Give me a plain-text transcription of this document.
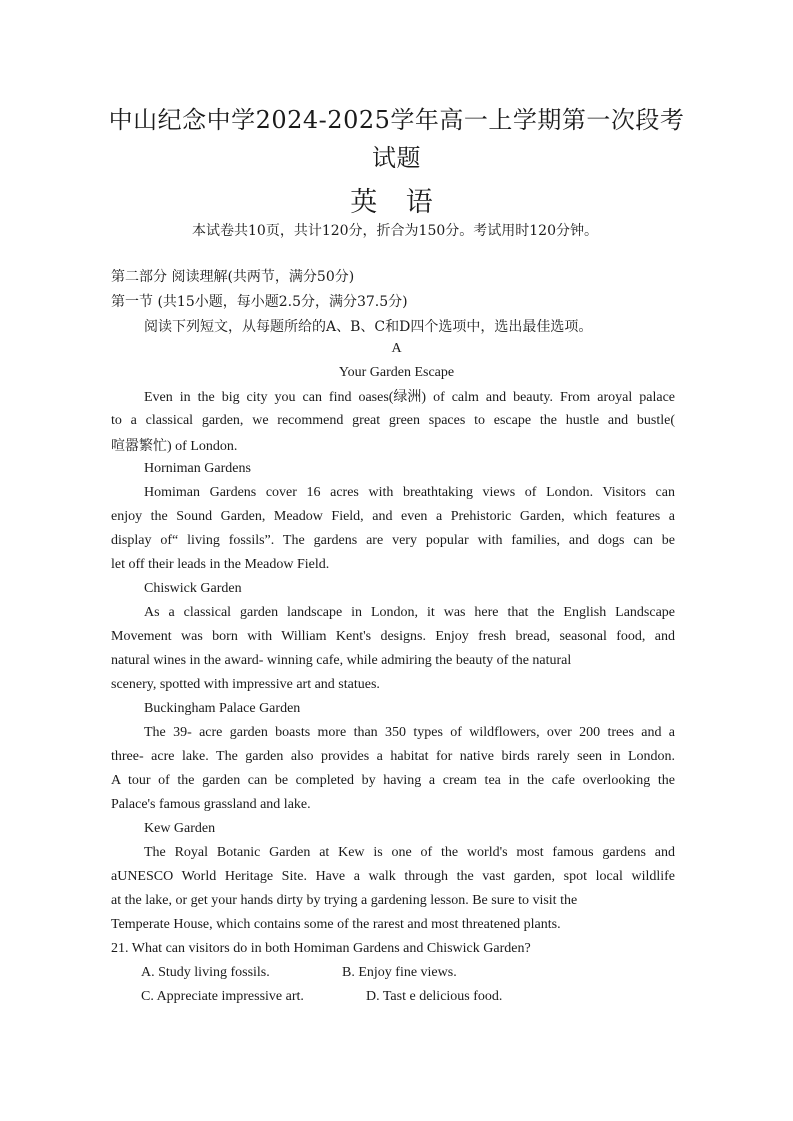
中山纪念中学2024-2025学年高一上学期第一次段考
试题
英 语
本试卷共10页，共计120分，折合为150分。考试用时120分钟。
第二部分 阅读理解(共两节，满分50分)
第一节 (共15小题，每小题2.5分，满分37.5分)
阅读下列短文，从每题所给的A、B、C和D四个选项中，选出最佳选项。
A
Your Garden Escape
Even in the big city you can find oases(绿洲) of calm and beauty. From aroyal palace
to a classical garden, we recommend great green spaces to escape the hustle and bustle(
喧嚣繁忙) of London.
Horniman Gardens
Homiman Gardens cover 16 acres with breathtaking views of London. Visitors can
enjoy the Sound Garden, Meadow Field, and even a Prehistoric Garden, which features a
display of“ living fossils”. The gardens are very popular with families, and dogs can be
let off their leads in the Meadow Field.
Chiswick Garden
As a classical garden landscape in London, it was here that the English Landscape
Movement was born with William Kent's designs. Enjoy fresh bread, seasonal food, and
natural wines in the award- winning cafe, while admiring the beauty of the natural
scenery, spotted with impressive art and statues.
Buckingham Palace Garden
The 39- acre garden boasts more than 350 types of wildflowers, over 200 trees and a
three- acre lake. The garden also provides a habitat for native birds rarely seen in London.
A tour of the garden can be completed by having a cream tea in the cafe overlooking the
Palace's famous grassland and lake.
Kew Garden
The Royal Botanic Garden at Kew is one of the world's most famous gardens and
aUNESCO World Heritage Site. Have a walk through the vast garden, spot local wildlife
at the lake, or get your hands dirty by trying a gardening lesson. Be sure to visit the
Temperate House, which contains some of the rarest and most threatened plants.
21. What can visitors do in both Homiman Gardens and Chiswick Garden?
A. Study living fossils.	B. Enjoy fine views.
C. Appreciate impressive art.	D. Tast e delicious food.
